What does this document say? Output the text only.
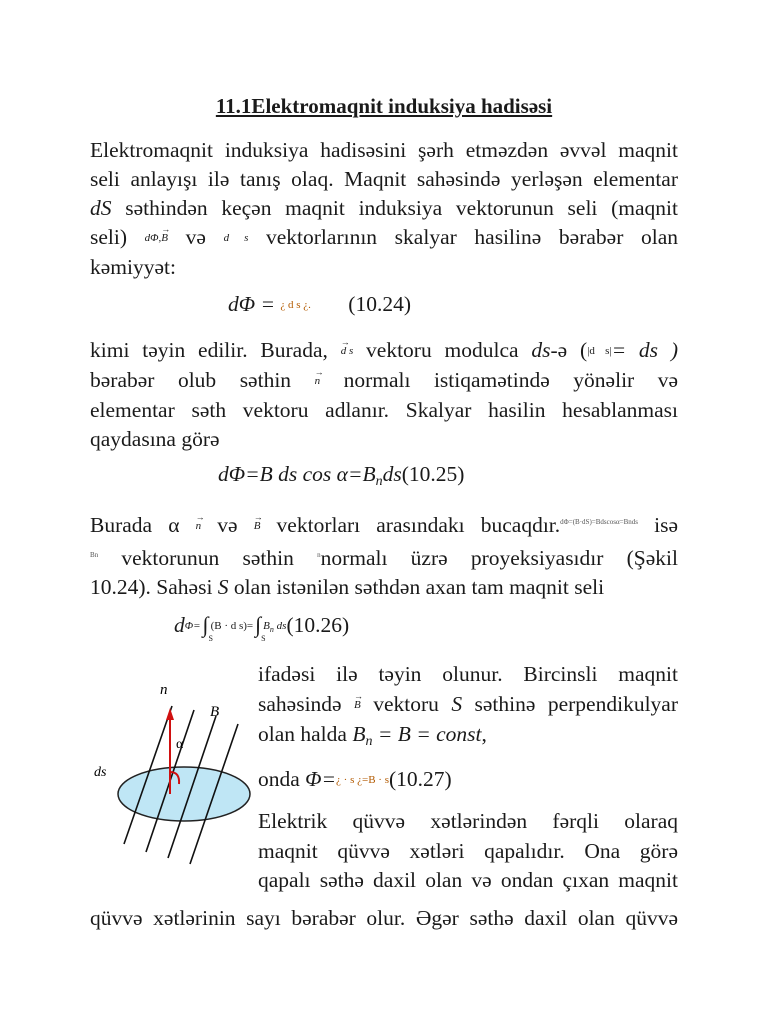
11.1Elektromaqnit induksiya hadisəsi
Elektromaqnit induksiya hadisəsini şərh etməzdən əvvəl maqnit
seli anlayışı ilə tanış olaq. Maqnit sahəsində yerləşən elementar
dS səthindən keçən maqnit induksiya vektorunun seli (maqnit
seli) dΦ,→ B və d s vektorlarının skalyar hasilinə bərabər olan
kəmiyyət:
dΦ = ¿ d s ¿. (10.24)
kimi təyin edilir. Burada, → d s vektoru modulca ds-ə (|d s|= ds )
bərabər olub səthin → n normalı istiqamətində yönəlir və
elementar səth vektoru adlanır. Skalyar hasilin hesablanması
qaydasına görə
dΦ=B ds cos α=Bnds(10.25)
Burada α → n və → B vektorları arasındakı bucaqdır.$^{d\Phi=(B\cdot dS)=Bdscos\alpha=Bnds}$ isə
$^{Bn}$ vektorunun səthin $^n$normalı üzrə proyeksiyasıdır (Şəkil
10.24). Sahəsi S olan istənilən səthdən axan tam maqnit seli
dΦ=∫
S
(B · d s)=∫
S
Bn ds(10.26)
n
B
α
ds
ifadəsi ilə təyin olunur. Bircinsli maqnit
sahəsində → B vektoru S səthinə perpendikulyar
olan halda Bn = B = const,
onda Φ=¿ · s ¿=B · s(10.27)
Elektrik qüvvə xətlərindən fərqli olaraq
maqnit qüvvə xətləri qapalıdır. Ona görə
qapalı səthə daxil olan və ondan çıxan maqnit
qüvvə xətlərinin sayı bərabər olur. Əgər səthə daxil olan qüvvə
